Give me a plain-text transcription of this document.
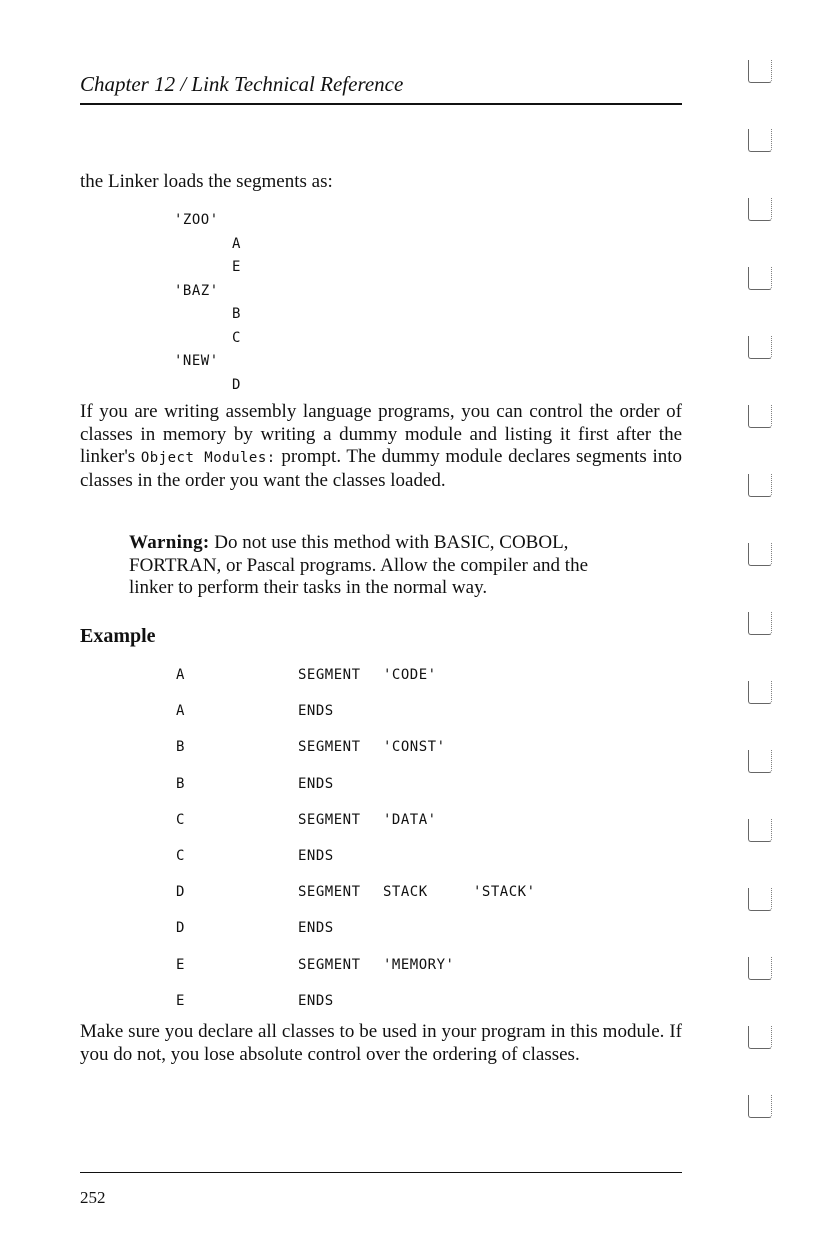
Chapter 12 / Link Technical Reference

the Linker loads the segments as:

'ZOO'
A
E
'BAZ'
B
C
'NEW'
D

If you are writing assembly language programs, you can control the order of classes in memory by writing a dummy module and listing it first after the linker's Object Modules: prompt. The dummy module declares segments into classes in the order you want the classes loaded.

Warning: Do not use this method with BASIC, COBOL, FORTRAN, or Pascal programs. Allow the compiler and the linker to perform their tasks in the normal way.

Example
A	SEGMENT	'CODE'	
A	ENDS		
B	SEGMENT	'CONST'	
B	ENDS		
C	SEGMENT	'DATA'	
C	ENDS		
D	SEGMENT	STACK	'STACK'
D	ENDS		
E	SEGMENT	'MEMORY'	
E	ENDS		

Make sure you declare all classes to be used in your program in this module. If you do not, you lose absolute control over the ordering of classes.

252
